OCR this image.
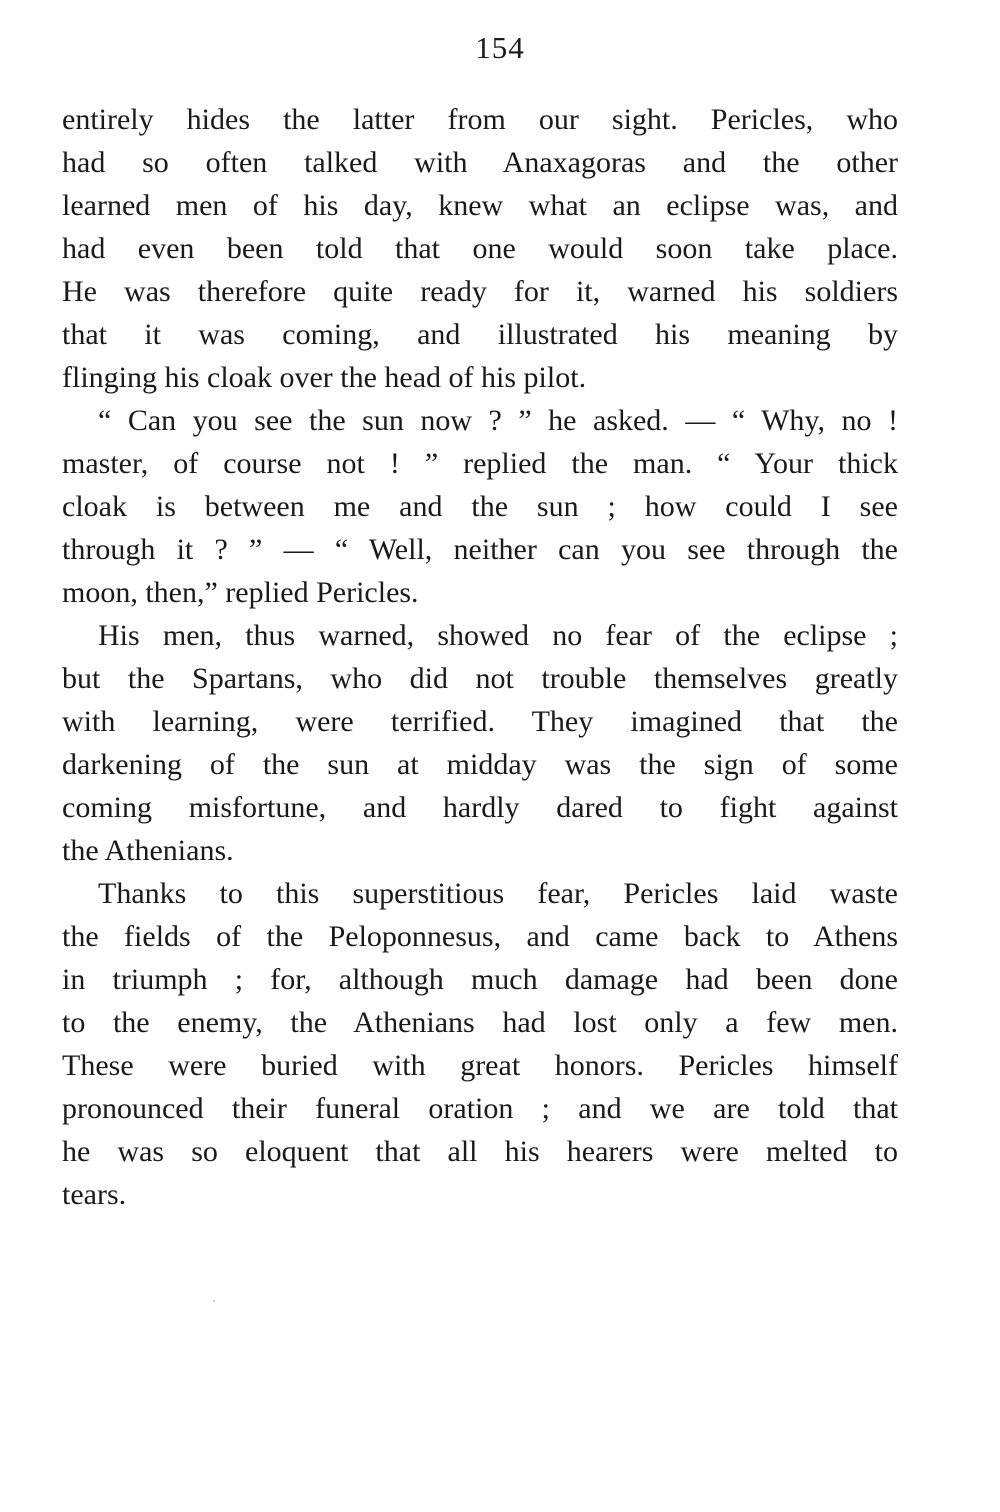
154

entirely hides the latter from our sight. Pericles, who
had so often talked with Anaxagoras and the other
learned men of his day, knew what an eclipse was, and
had even been told that one would soon take place.
He was therefore quite ready for it, warned his soldiers
that it was coming, and illustrated his meaning by
flinging his cloak over the head of his pilot.

“ Can you see the sun now ? ” he asked. — “ Why, no !
master, of course not ! ” replied the man. “ Your thick
cloak is between me and the sun ; how could I see
through it ? ” — “ Well, neither can you see through the
moon, then,” replied Pericles.

His men, thus warned, showed no fear of the eclipse ;
but the Spartans, who did not trouble themselves greatly
with learning, were terrified. They imagined that the
darkening of the sun at midday was the sign of some
coming misfortune, and hardly dared to fight against
the Athenians.

Thanks to this superstitious fear, Pericles laid waste
the fields of the Peloponnesus, and came back to Athens
in triumph ; for, although much damage had been done
to the enemy, the Athenians had lost only a few men.
These were buried with great honors. Pericles himself
pronounced their funeral oration ; and we are told that
he was so eloquent that all his hearers were melted to
tears.
